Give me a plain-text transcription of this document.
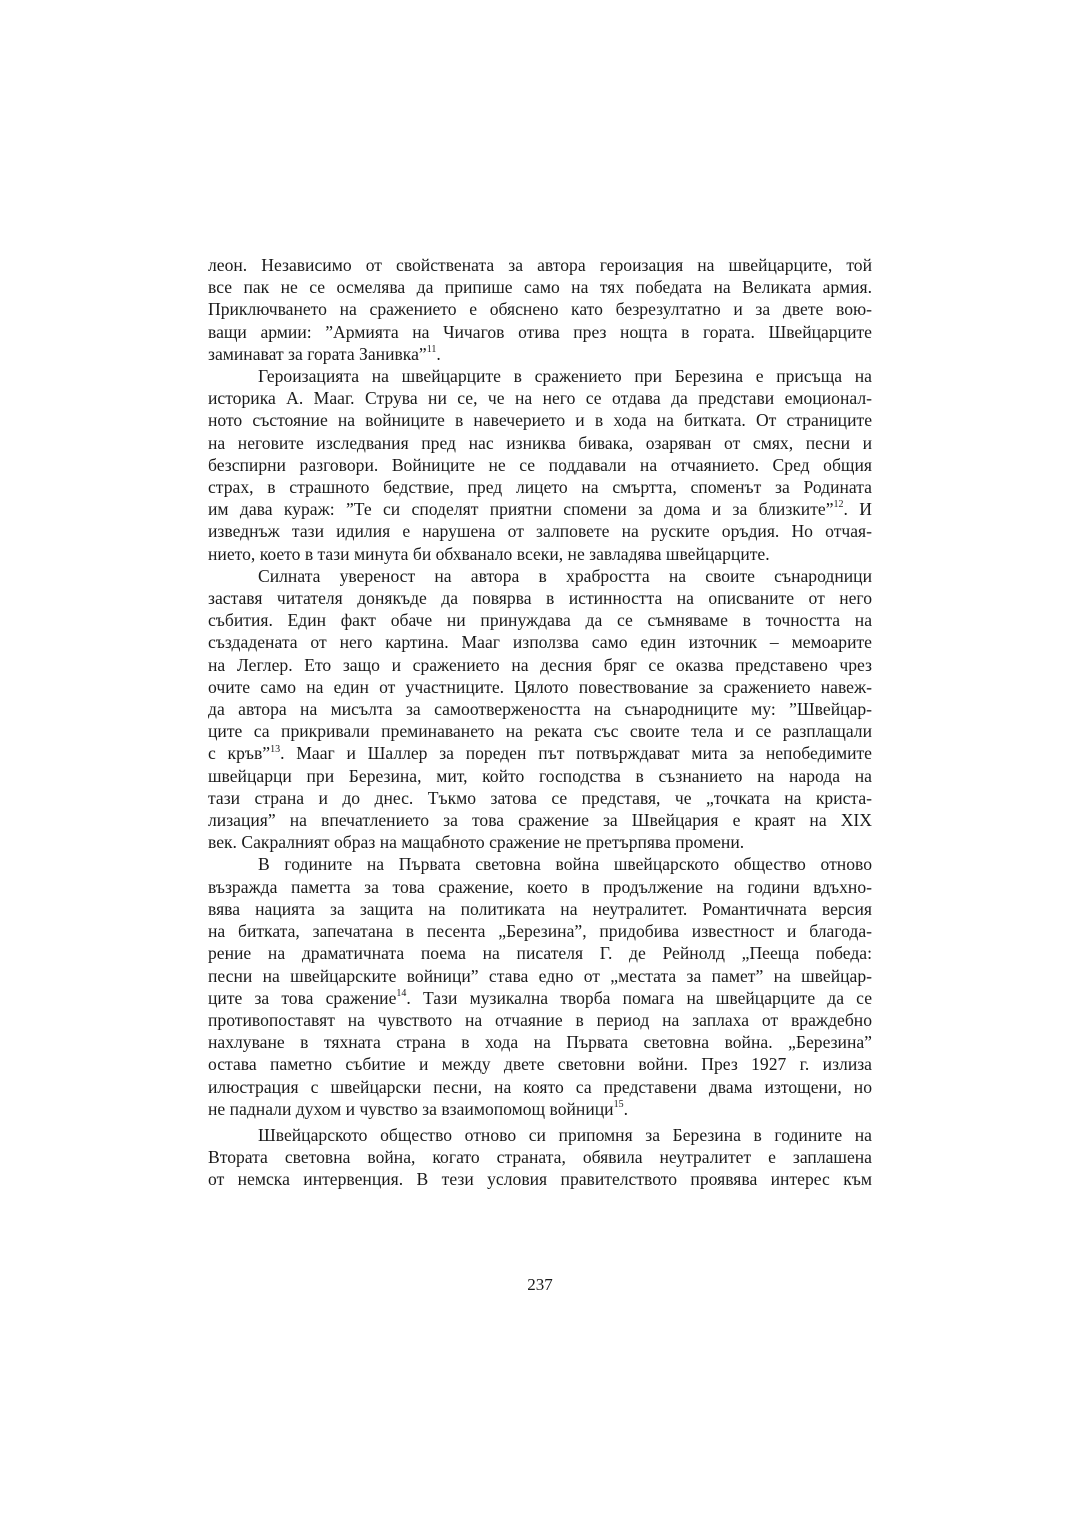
леон. Независимо от свойствената за автора героизация на швейцарците, той
все пак не се осмелява да припише само на тях победата на Великата армия.
Приключването на сражението е обяснено като безрезултатно и за двете вою-
ващи армии: ”Армията на Чичагов отива през нощта в гората. Швейцарците
заминават за гората Занивка”$^{11}$.

Героизацията на швейцарците в сражението при Березина е присъща на
историка А. Мааг. Струва ни се, че на него се отдава да представи емоционал-
ното състояние на войниците в навечерието и в хода на битката. От страниците
на неговите изследвания пред нас изниква бивака, озаряван от смях, песни и
безспирни разговори. Войниците не се поддавали на отчаянието. Сред общия
страх, в страшното бедствие, пред лицето на смъртта, споменът за Родината
им дава кураж: ”Те си споделят приятни спомени за дома и за близките”$^{12}$. И
изведнъж тази идилия е нарушена от залповете на руските оръдия. Но отчая-
нието, което в тази минута би обхванало всеки, не завладява швейцарците.

Силната увереност на автора в храбростта на своите сънародници
заставя читателя донякъде да повярва в истинността на описваните от него
събития. Един факт обаче ни принуждава да се съмняваме в точността на
създадената от него картина. Мааг използва само един източник – мемоарите
на Леглер. Ето защо и сражението на десния бряг се оказва представено чрез
очите само на един от участниците. Цялото повествование за сражението навеж-
да автора на мисълта за самоотвержеността на сънародниците му: ”Швейцар-
ците са прикривали преминаването на реката със своите тела и се разплащали
с кръв”$^{13}$. Мааг и Шаллер за пореден път потвърждават мита за непобедимите
швейцарци при Березина, мит, който господства в съзнанието на народа на
тази страна и до днес. Тъкмо затова се представя, че „точката на криста-
лизация” на впечатлението за това сражение за Швейцария е краят на XIX
век. Сакралният образ на мащабното сражение не претърпява промени.

В годините на Първата световна война швейцарското общество отново
възражда паметта за това сражение, което в продължение на години вдъхно-
вява нацията за защита на политиката на неутралитет. Романтичната версия
на битката, запечатана в песента „Березина”, придобива известност и благода-
рение на драматичната поема на писателя Г. де Рейнолд „Пееща победа:
песни на швейцарските войници” става едно от „местата за памет” на швейцар-
ците за това сражение$^{14}$. Тази музикална творба помага на швейцарците да се
противопоставят на чувството на отчаяние в период на заплаха от враждебно
нахлуване в тяхната страна в хода на Първата световна война. „Березина”
остава паметно събитие и между двете световни войни. През 1927 г. излиза
илюстрация с швейцарски песни, на която са представени двама изтощени, но
не паднали духом и чувство за взаимопомощ войници$^{15}$.

Швейцарското общество отново си припомня за Березина в годините на
Втората световна война, когато страната, обявила неутралитет е заплашена
от немска интервенция. В тези условия правителството проявява интерес към

237
